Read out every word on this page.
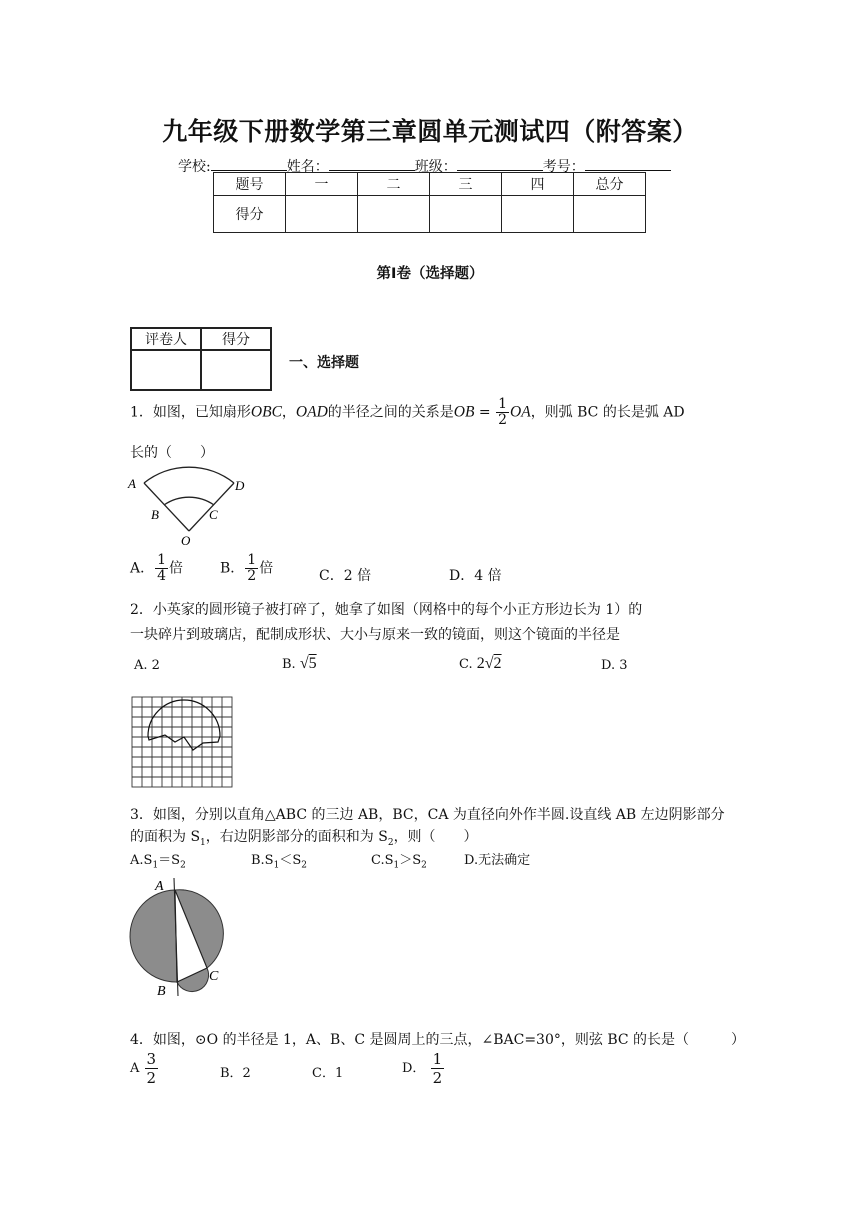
九年级下册数学第三章圆单元测试四（附答案）
学校:	姓名：	班级：	考号：
题号	一	二	三	四	总分
得分					
第Ⅰ卷（选择题）
评卷人	得分

一、选择题
1．如图，已知扇形OBC，OAD的半径之间的关系是OB = $\frac{1}{2}$ OA，则弧 BC 的长是弧 AD
长的（　　）
A	D
B	C
O
A． $\frac{1}{4}$ 倍	B． $\frac{1}{2}$ 倍	C．2 倍	D．4 倍
2．小英家的圆形镜子被打碎了，她拿了如图（网格中的每个小正方形边长为 1）的
一块碎片到玻璃店，配制成形状、大小与原来一致的镜面，则这个镜面的半径是
A. 2	B. √5	C. 2√2	D. 3
3．如图，分别以直角△ABC 的三边 AB，BC，CA 为直径向外作半圆.设直线 AB 左边阴影部分
的面积为 $S_1$，右边阴影部分的面积和为 $S_2$，则（　　）
$A.S_1=S_2$	$B.S_1<S_2$	$C.S_1>S_2$	D.无法确定
A
B
C
4．如图，⊙O 的半径是 1，A、B、C 是圆周上的三点，∠BAC=30°，则弦 BC 的长是（　　　）
A $\frac{3}{2}$	B．2	C．1	D． $\frac{1}{2}$
